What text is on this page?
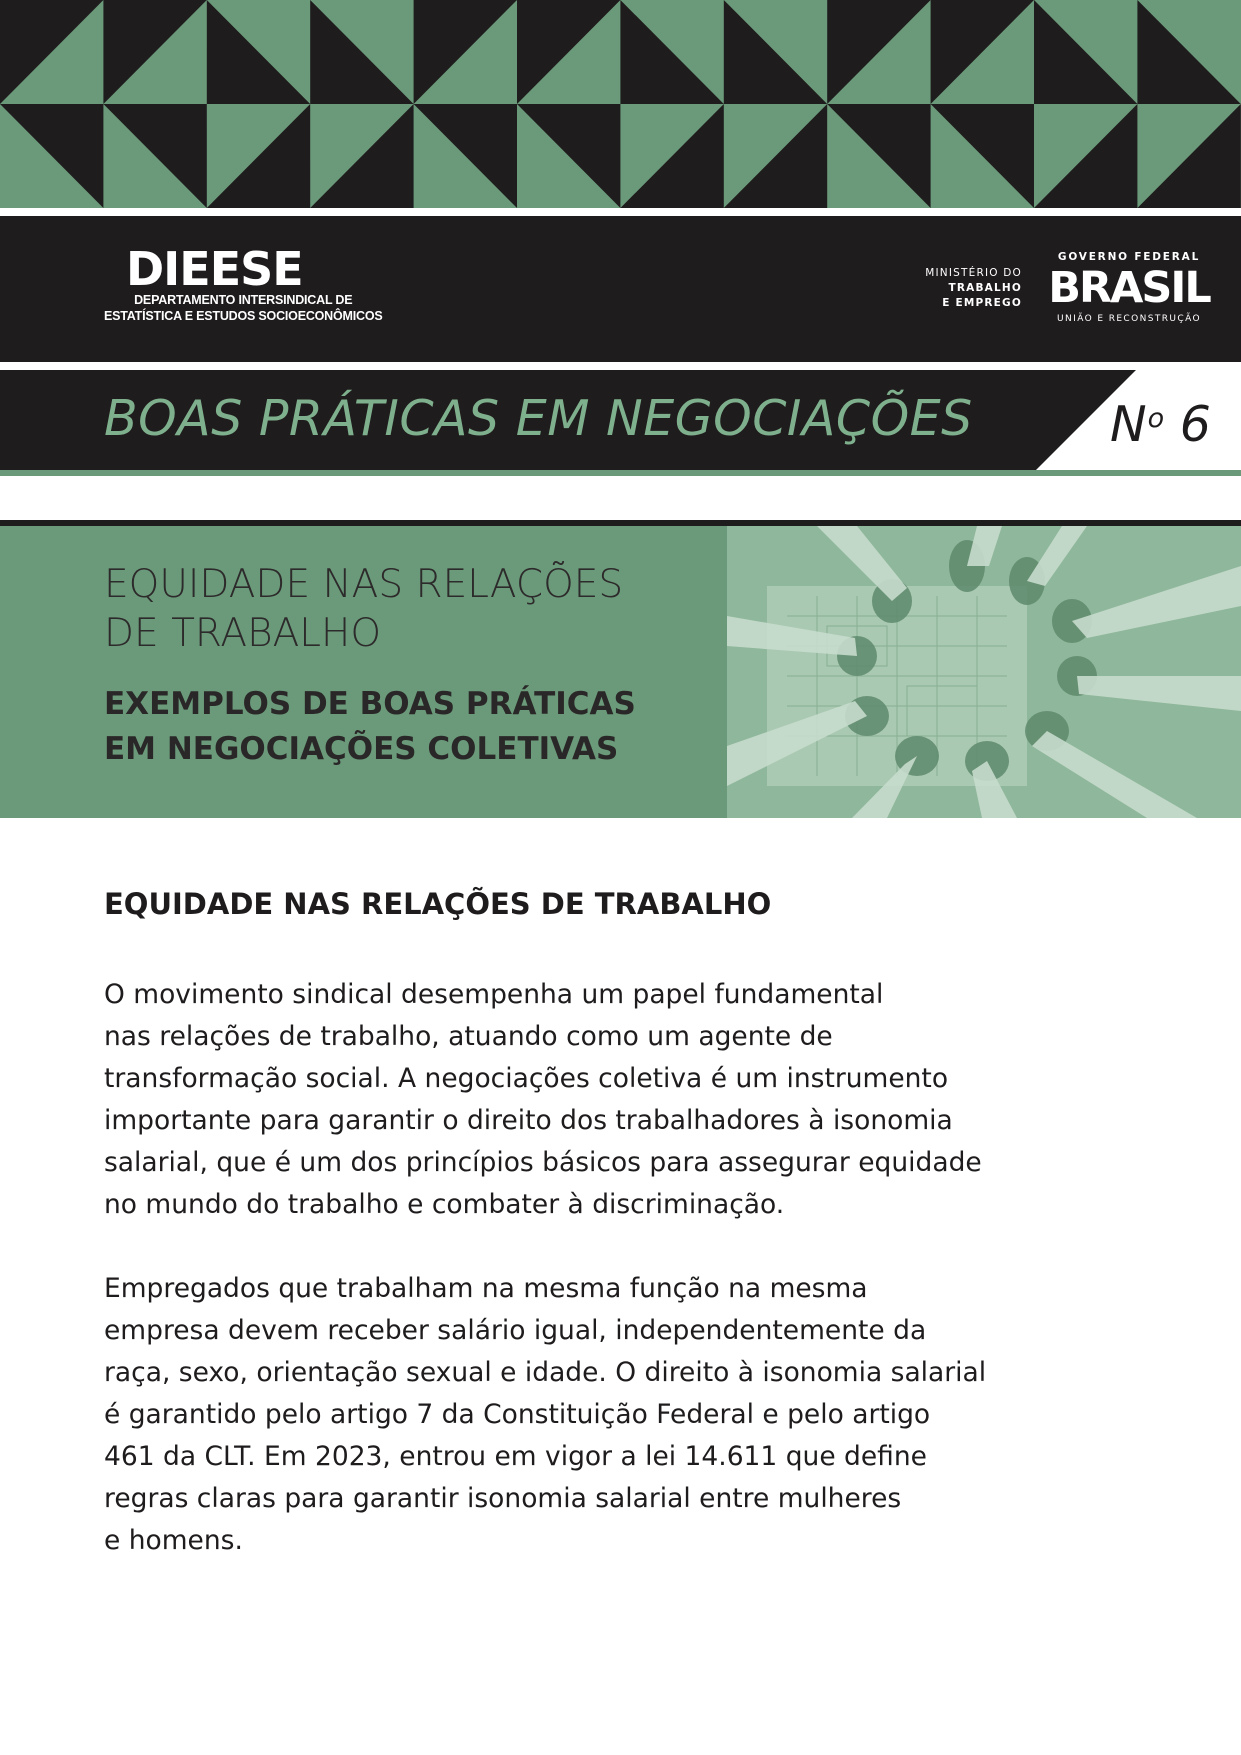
DIEESE
DEPARTAMENTO INTERSINDICAL DE
ESTATÍSTICA E ESTUDOS SOCIOECONÔMICOS
MINISTÉRIO DO
TRABALHO
E EMPREGO
GOVERNO FEDERAL
BRASIL
UNIÃO E RECONSTRUÇÃO
BOAS PRÁTICAS EM NEGOCIAÇÕES	$N^o$ 6
EQUIDADE NAS RELAÇÕES
DE TRABALHO
EXEMPLOS DE BOAS PRÁTICAS
EM NEGOCIAÇÕES COLETIVAS
EQUIDADE NAS RELAÇÕES DE TRABALHO
O movimento sindical desempenha um papel fundamental
nas relações de trabalho, atuando como um agente de
transformação social. A negociações coletiva é um instrumento
importante para garantir o direito dos trabalhadores à isonomia
salarial, que é um dos princípios básicos para assegurar equidade
no mundo do trabalho e combater à discriminação.
Empregados que trabalham na mesma função na mesma
empresa devem receber salário igual, independentemente da
raça, sexo, orientação sexual e idade. O direito à isonomia salarial
é garantido pelo artigo 7 da Constituição Federal e pelo artigo
461 da CLT. Em 2023, entrou em vigor a lei 14.611 que define
regras claras para garantir isonomia salarial entre mulheres
e homens.
